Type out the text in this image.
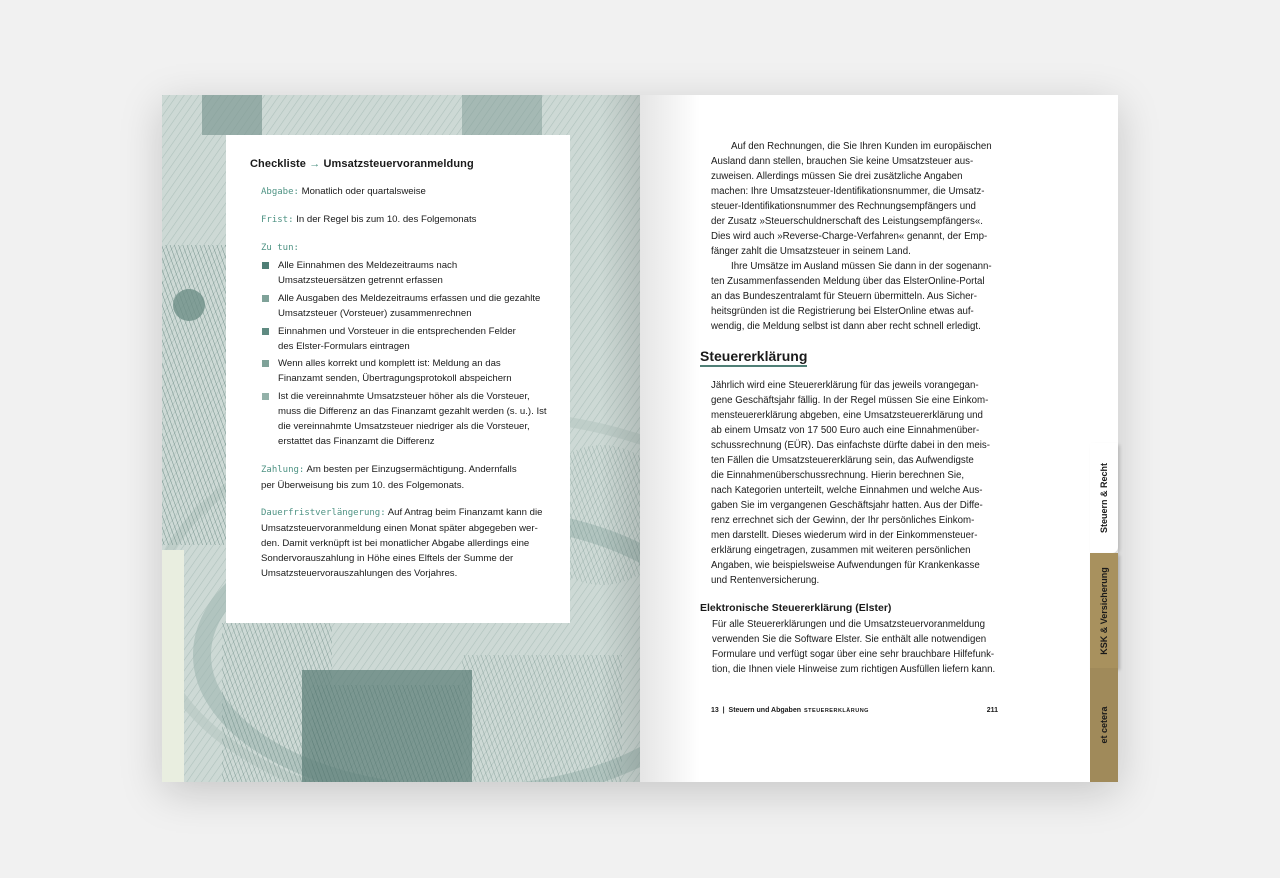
Checkliste → Umsatzsteuervoranmeldung
Abgabe: Monatlich oder quartalsweise
Frist: In der Regel bis zum 10. des Folgemonats
Zu tun:
Alle Einnahmen des Meldezeitraums nach
Umsatzsteuersätzen getrennt erfassen
Alle Ausgaben des Meldezeitraums erfassen und die gezahlte
Umsatzsteuer (Vorsteuer) zusammenrechnen
Einnahmen und Vorsteuer in die entsprechenden Felder
des Elster-Formulars eintragen
Wenn alles korrekt und komplett ist: Meldung an das
Finanzamt senden, Übertragungsprotokoll abspeichern
Ist die vereinnahmte Umsatzsteuer höher als die Vorsteuer,
muss die Differenz an das Finanzamt gezahlt werden (s. u.). Ist
die vereinnahmte Umsatzsteuer niedriger als die Vorsteuer,
erstattet das Finanzamt die Differenz
Zahlung: Am besten per Einzugsermächtigung. Andernfalls
per Überweisung bis zum 10. des Folgemonats.
Dauerfristverlängerung: Auf Antrag beim Finanzamt kann die
Umsatzsteuervoranmeldung einen Monat später abgegeben wer-
den. Damit verknüpft ist bei monatlicher Abgabe allerdings eine
Sondervorauszahlung in Höhe eines Elftels der Summe der
Umsatzsteuervorauszahlungen des Vorjahres.

Auf den Rechnungen, die Sie Ihren Kunden im europäischen

Ausland dann stellen, brauchen Sie keine Umsatzsteuer aus-

zuweisen. Allerdings müssen Sie drei zusätzliche Angaben

machen: Ihre Umsatzsteuer-Identifikationsnummer, die Umsatz-

steuer-Identifikationsnummer des Rechnungsempfängers und

der Zusatz »Steuerschuldnerschaft des Leistungsempfängers«.

Dies wird auch »Reverse-Charge-Verfahren« genannt, der Emp-

fänger zahlt die Umsatzsteuer in seinem Land.

Ihre Umsätze im Ausland müssen Sie dann in der sogenann-

ten Zusammenfassenden Meldung über das ElsterOnline-Portal

an das Bundeszentralamt für Steuern übermitteln. Aus Sicher-

heitsgründen ist die Registrierung bei ElsterOnline etwas auf-

wendig, die Meldung selbst ist dann aber recht schnell erledigt.

Steuererklärung

Jährlich wird eine Steuererklärung für das jeweils vorangegan-

gene Geschäftsjahr fällig. In der Regel müssen Sie eine Einkom-

mensteuererklärung abgeben, eine Umsatzsteuererklärung und

ab einem Umsatz von 17 500 Euro auch eine Einnahmenüber-

schussrechnung (EÜR). Das einfachste dürfte dabei in den meis-

ten Fällen die Umsatzsteuererklärung sein, das Aufwendigste

die Einnahmenüberschussrechnung. Hierin berechnen Sie,

nach Kategorien unterteilt, welche Einnahmen und welche Aus-

gaben Sie im vergangenen Geschäftsjahr hatten. Aus der Diffe-

renz errechnet sich der Gewinn, der Ihr persönliches Einkom-

men darstellt. Dieses wiederum wird in der Einkommensteuer-

erklärung eingetragen, zusammen mit weiteren persönlichen

Angaben, wie beispielsweise Aufwendungen für Krankenkasse

und Rentenversicherung.

Elektronische Steuererklärung (Elster)

Für alle Steuererklärungen und die Umsatzsteuervoranmeldung

verwenden Sie die Software Elster. Sie enthält alle notwendigen

Formulare und verfügt sogar über eine sehr brauchbare Hilfefunk-

tion, die Ihnen viele Hinweise zum richtigen Ausfüllen liefern kann.

13  |  Steuern und Abgaben STEUERERKLÄRUNG	211
Steuern & Recht
KSK & Versicherung
et cetera
